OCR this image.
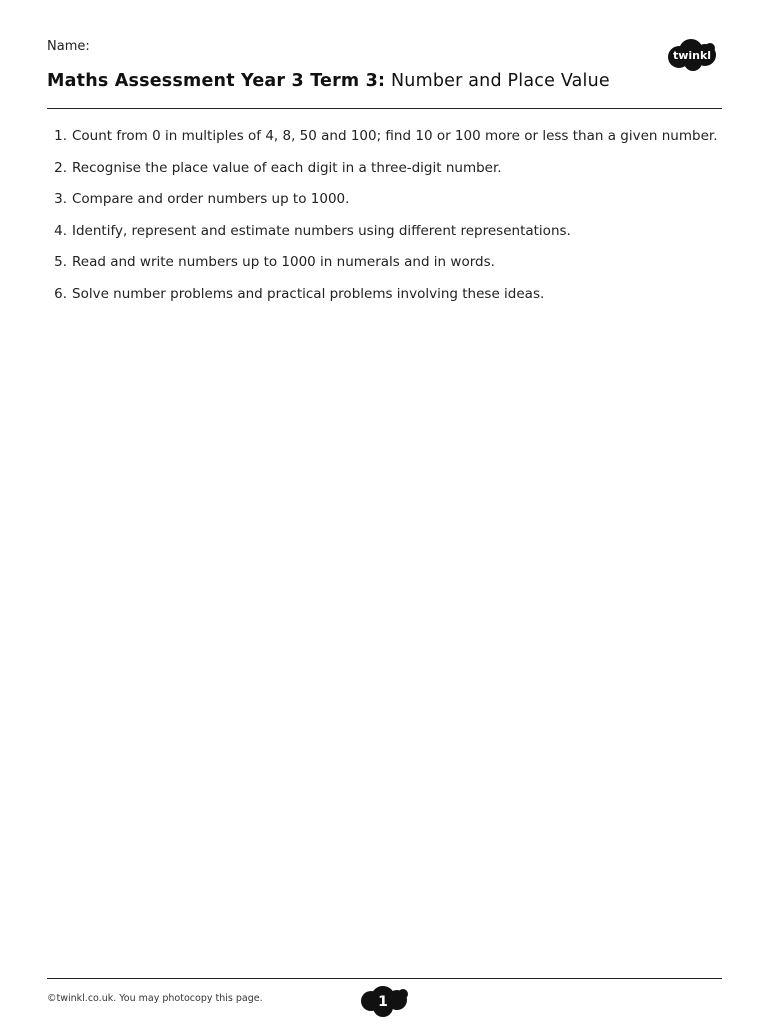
Name:
Maths Assessment Year 3 Term 3: Number and Place Value
twinkl
1. Count from 0 in multiples of 4, 8, 50 and 100; find 10 or 100 more or less than a given number.
2. Recognise the place value of each digit in a three-digit number.
3. Compare and order numbers up to 1000.
4. Identify, represent and estimate numbers using different representations.
5. Read and write numbers up to 1000 in numerals and in words.
6. Solve number problems and practical problems involving these ideas.
©twinkl.co.uk. You may photocopy this page.	1
